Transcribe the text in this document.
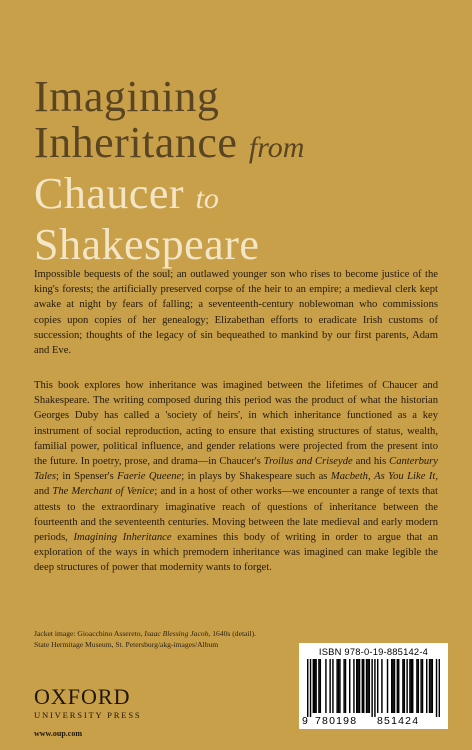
Imagining
Inheritance from
Chaucer to
Shakespeare

Impossible bequests of the soul; an outlawed younger son who rises to become justice of the king's forests; the artificially preserved corpse of the heir to an empire; a medieval clerk kept awake at night by fears of falling; a seventeenth-century noblewoman who commissions copies upon copies of her genealogy; Elizabethan efforts to eradicate Irish customs of succession; thoughts of the legacy of sin bequeathed to mankind by our first parents, Adam and Eve.

This book explores how inheritance was imagined between the lifetimes of Chaucer and Shakespeare. The writing composed during this period was the product of what the historian Georges Duby has called a 'society of heirs', in which inheritance functioned as a key instrument of social reproduction, acting to ensure that existing structures of status, wealth, familial power, political influence, and gender relations were projected from the present into the future. In poetry, prose, and drama—in Chaucer's Troilus and Criseyde and his Canterbury Tales; in Spenser's Faerie Queene; in plays by Shakespeare such as Macbeth, As You Like It, and The Merchant of Venice; and in a host of other works—we encounter a range of texts that attests to the extraordinary imaginative reach of questions of inheritance between the fourteenth and the seventeenth centuries. Moving between the late medieval and early modern periods, Imagining Inheritance examines this body of writing in order to argue that an exploration of the ways in which premodern inheritance was imagined can make legible the deep structures of power that modernity wants to forget.

Jacket image: Gioacchino Assereto, Isaac Blessing Jacob, 1640s (detail).
State Hermitage Museum, St. Petersburg/akg-images/Album
OXFORD
UNIVERSITY PRESS
www.oup.com
ISBN 978-0-19-885142-4
9 780198 851424
